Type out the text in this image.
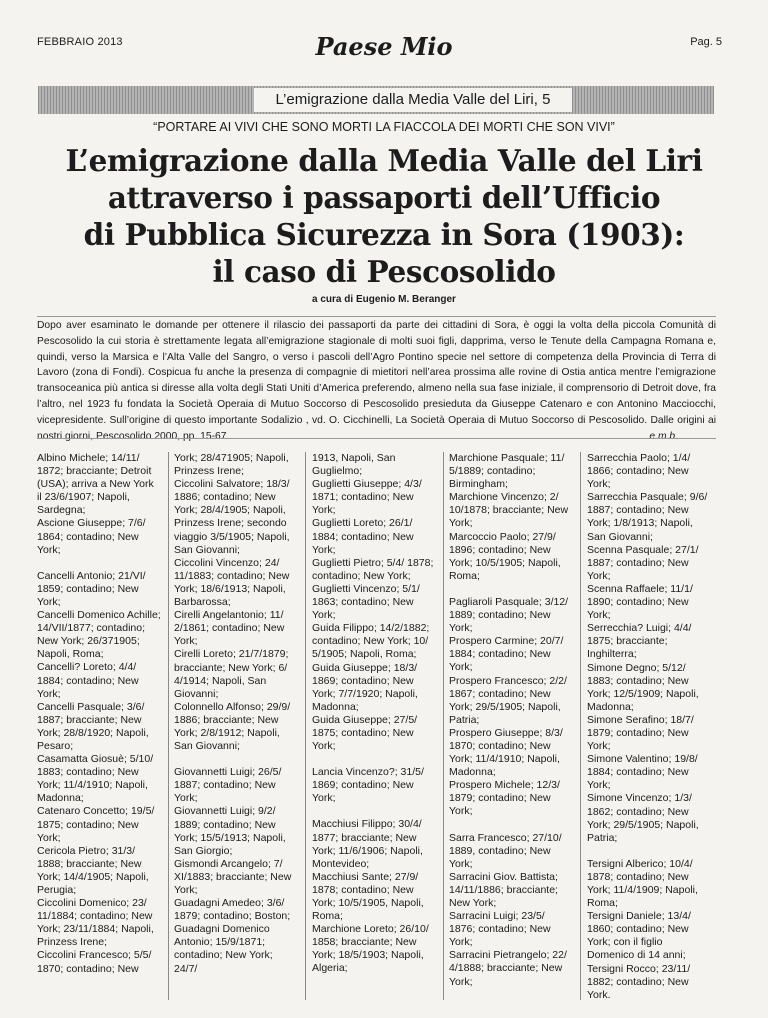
FEBBRAIO 2013	Paese Mio	Pag. 5
L’emigrazione dalla Media Valle del Liri, 5
“PORTARE AI VIVI CHE SONO MORTI LA FIACCOLA DEI MORTI CHE SON VIVI”
L’emigrazione dalla Media Valle del Liri
attraverso i passaporti dell’Ufficio
di Pubblica Sicurezza in Sora (1903):
il caso di Pescosolido
a cura di Eugenio M. Beranger
Dopo aver esaminato le domande per ottenere il rilascio dei passaporti da parte dei cittadini di Sora, è oggi la volta della piccola Comunità di Pescosolido la cui storia è strettamente legata all’emigrazione stagionale di molti suoi figli, dapprima, verso le Tenute della Campagna Romana e, quindi, verso la Marsica e l’Alta Valle del Sangro, o verso i pascoli dell’Agro Pontino specie nel settore di competenza della Provincia di Terra di Lavoro (zona di Fondi). Cospicua fu anche la presenza di compagnie di mietitori nell’area prossima alle rovine di Ostia antica mentre l’emigrazione transoceanica più antica si diresse alla volta degli Stati Uniti d’America preferendo, almeno nella sua fase iniziale, il comprensorio di Detroit dove, fra l’altro, nel 1923 fu fondata la Società Operaia di Mutuo Soccorso di Pescosolido presieduta da Giuseppe Catenaro e con Antonino Macciocchi, vicepresidente. Sull’origine di questo importante Sodalizio , vd. O. Cicchinelli, La Società Operaia di Mutuo Soccorso di Pescosolido. Dalle origini ai nostri giorni, Pescosolido 2000, pp. 15-67.	e.m.b.

Albino Michele; 14/11/ 1872; bracciante; Detroit (USA); arriva a New York il 23/6/1907; Napoli, Sardegna;

Ascione Giuseppe; 7/6/ 1864; contadino; New York;

Cancelli Antonio; 21/VI/ 1859; contadino; New York;

Cancelli Domenico Achille; 14/VII/1877; contadino; New York; 26/371905; Napoli, Roma;

Cancelli? Loreto; 4/4/ 1884; contadino; New York;

Cancelli Pasquale; 3/6/ 1887; bracciante; New York; 28/8/1920; Napoli, Pesaro;

Casamatta Giosuè; 5/10/ 1883; contadino; New York; 11/4/1910; Napoli, Madonna;

Catenaro Concetto; 19/5/ 1875; contadino; New York;

Cericola Pietro; 31/3/ 1888; bracciante; New York; 14/4/1905; Napoli, Perugia;

Ciccolini Domenico; 23/ 11/1884; contadino; New York; 23/11/1884; Napoli, Prinzess Irene;

Ciccolini Francesco; 5/5/ 1870; contadino; New

York; 28/471905; Napoli, Prinzess Irene;

Ciccolini Salvatore; 18/3/ 1886; contadino; New York; 28/4/1905; Napoli, Prinzess Irene; secondo viaggio 3/5/1905; Napoli, San Giovanni;

Ciccolini Vincenzo; 24/ 11/1883; contadino; New York; 18/6/1913; Napoli, Barbarossa;

Cirelli Angelantonio; 11/ 2/1861; contadino; New York;

Cirelli Loreto; 21/7/1879; bracciante; New York; 6/ 4/1914; Napoli, San Giovanni;

Colonnello Alfonso; 29/9/ 1886; bracciante; New York; 2/8/1912; Napoli, San Giovanni;

Giovannetti Luigi; 26/5/ 1887; contadino; New York;

Giovannetti Luigi; 9/2/ 1889; contadino; New York; 15/5/1913; Napoli, San Giorgio;

Gismondi Arcangelo; 7/ XI/1883; bracciante; New York;

Guadagni Amedeo; 3/6/ 1879; contadino; Boston;

Guadagni Domenico Antonio; 15/9/1871; contadino; New York; 24/7/

1913, Napoli, San Guglielmo;

Guglietti Giuseppe; 4/3/ 1871; contadino; New York;

Guglietti Loreto; 26/1/ 1884; contadino; New York;

Guglietti Pietro; 5/4/ 1878; contadino; New York;

Guglietti Vincenzo; 5/1/ 1863; contadino; New York;

Guida Filippo; 14/2/1882; contadino; New York; 10/ 5/1905; Napoli, Roma;

Guida Giuseppe; 18/3/ 1869; contadino; New York; 7/7/1920; Napoli, Madonna;

Guida Giuseppe; 27/5/ 1875; contadino; New York;

Lancia Vincenzo?; 31/5/ 1869; contadino; New York;

Macchiusi Filippo; 30/4/ 1877; bracciante; New York; 11/6/1906; Napoli, Montevideo;

Macchiusi Sante; 27/9/ 1878; contadino; New York; 10/5/1905, Napoli, Roma;

Marchione Loreto; 26/10/ 1858; bracciante; New York; 18/5/1903; Napoli, Algeria;

Marchione Pasquale; 11/ 5/1889; contadino; Birmingham;

Marchione Vincenzo; 2/ 10/1878; bracciante; New York;

Marcoccio Paolo; 27/9/ 1896; contadino; New York; 10/5/1905; Napoli, Roma;

Pagliaroli Pasquale; 3/12/ 1889; contadino; New York;

Prospero Carmine; 20/7/ 1884; contadino; New York;

Prospero Francesco; 2/2/ 1867; contadino; New York; 29/5/1905; Napoli, Patria;

Prospero Giuseppe; 8/3/ 1870; contadino; New York; 11/4/1910; Napoli, Madonna;

Prospero Michele; 12/3/ 1879; contadino; New York;

Sarra Francesco; 27/10/ 1889, contadino; New York;

Sarracini Giov. Battista; 14/11/1886; bracciante; New York;

Sarracini Luigi; 23/5/ 1876; contadino; New York;

Sarracini Pietrangelo; 22/ 4/1888; bracciante; New York;

Sarrecchia Paolo; 1/4/ 1866; contadino; New York;

Sarrecchia Pasquale; 9/6/ 1887; contadino; New York; 1/8/1913; Napoli, San Giovanni;

Scenna Pasquale; 27/1/ 1887; contadino; New York;

Scenna Raffaele; 11/1/ 1890; contadino; New York;

Serrecchia? Luigi; 4/4/ 1875; bracciante; Inghilterra;

Simone Degno; 5/12/ 1883; contadino; New York; 12/5/1909; Napoli, Madonna;

Simone Serafino; 18/7/ 1879; contadino; New York;

Simone Valentino; 19/8/ 1884; contadino; New York;

Simone Vincenzo; 1/3/ 1862; contadino; New York; 29/5/1905; Napoli, Patria;

Tersigni Alberico; 10/4/ 1878; contadino; New York; 11/4/1909; Napoli, Roma;

Tersigni Daniele; 13/4/ 1860; contadino; New York; con il figlio Domenico di 14 anni;

Tersigni Rocco; 23/11/ 1882; contadino; New York.
